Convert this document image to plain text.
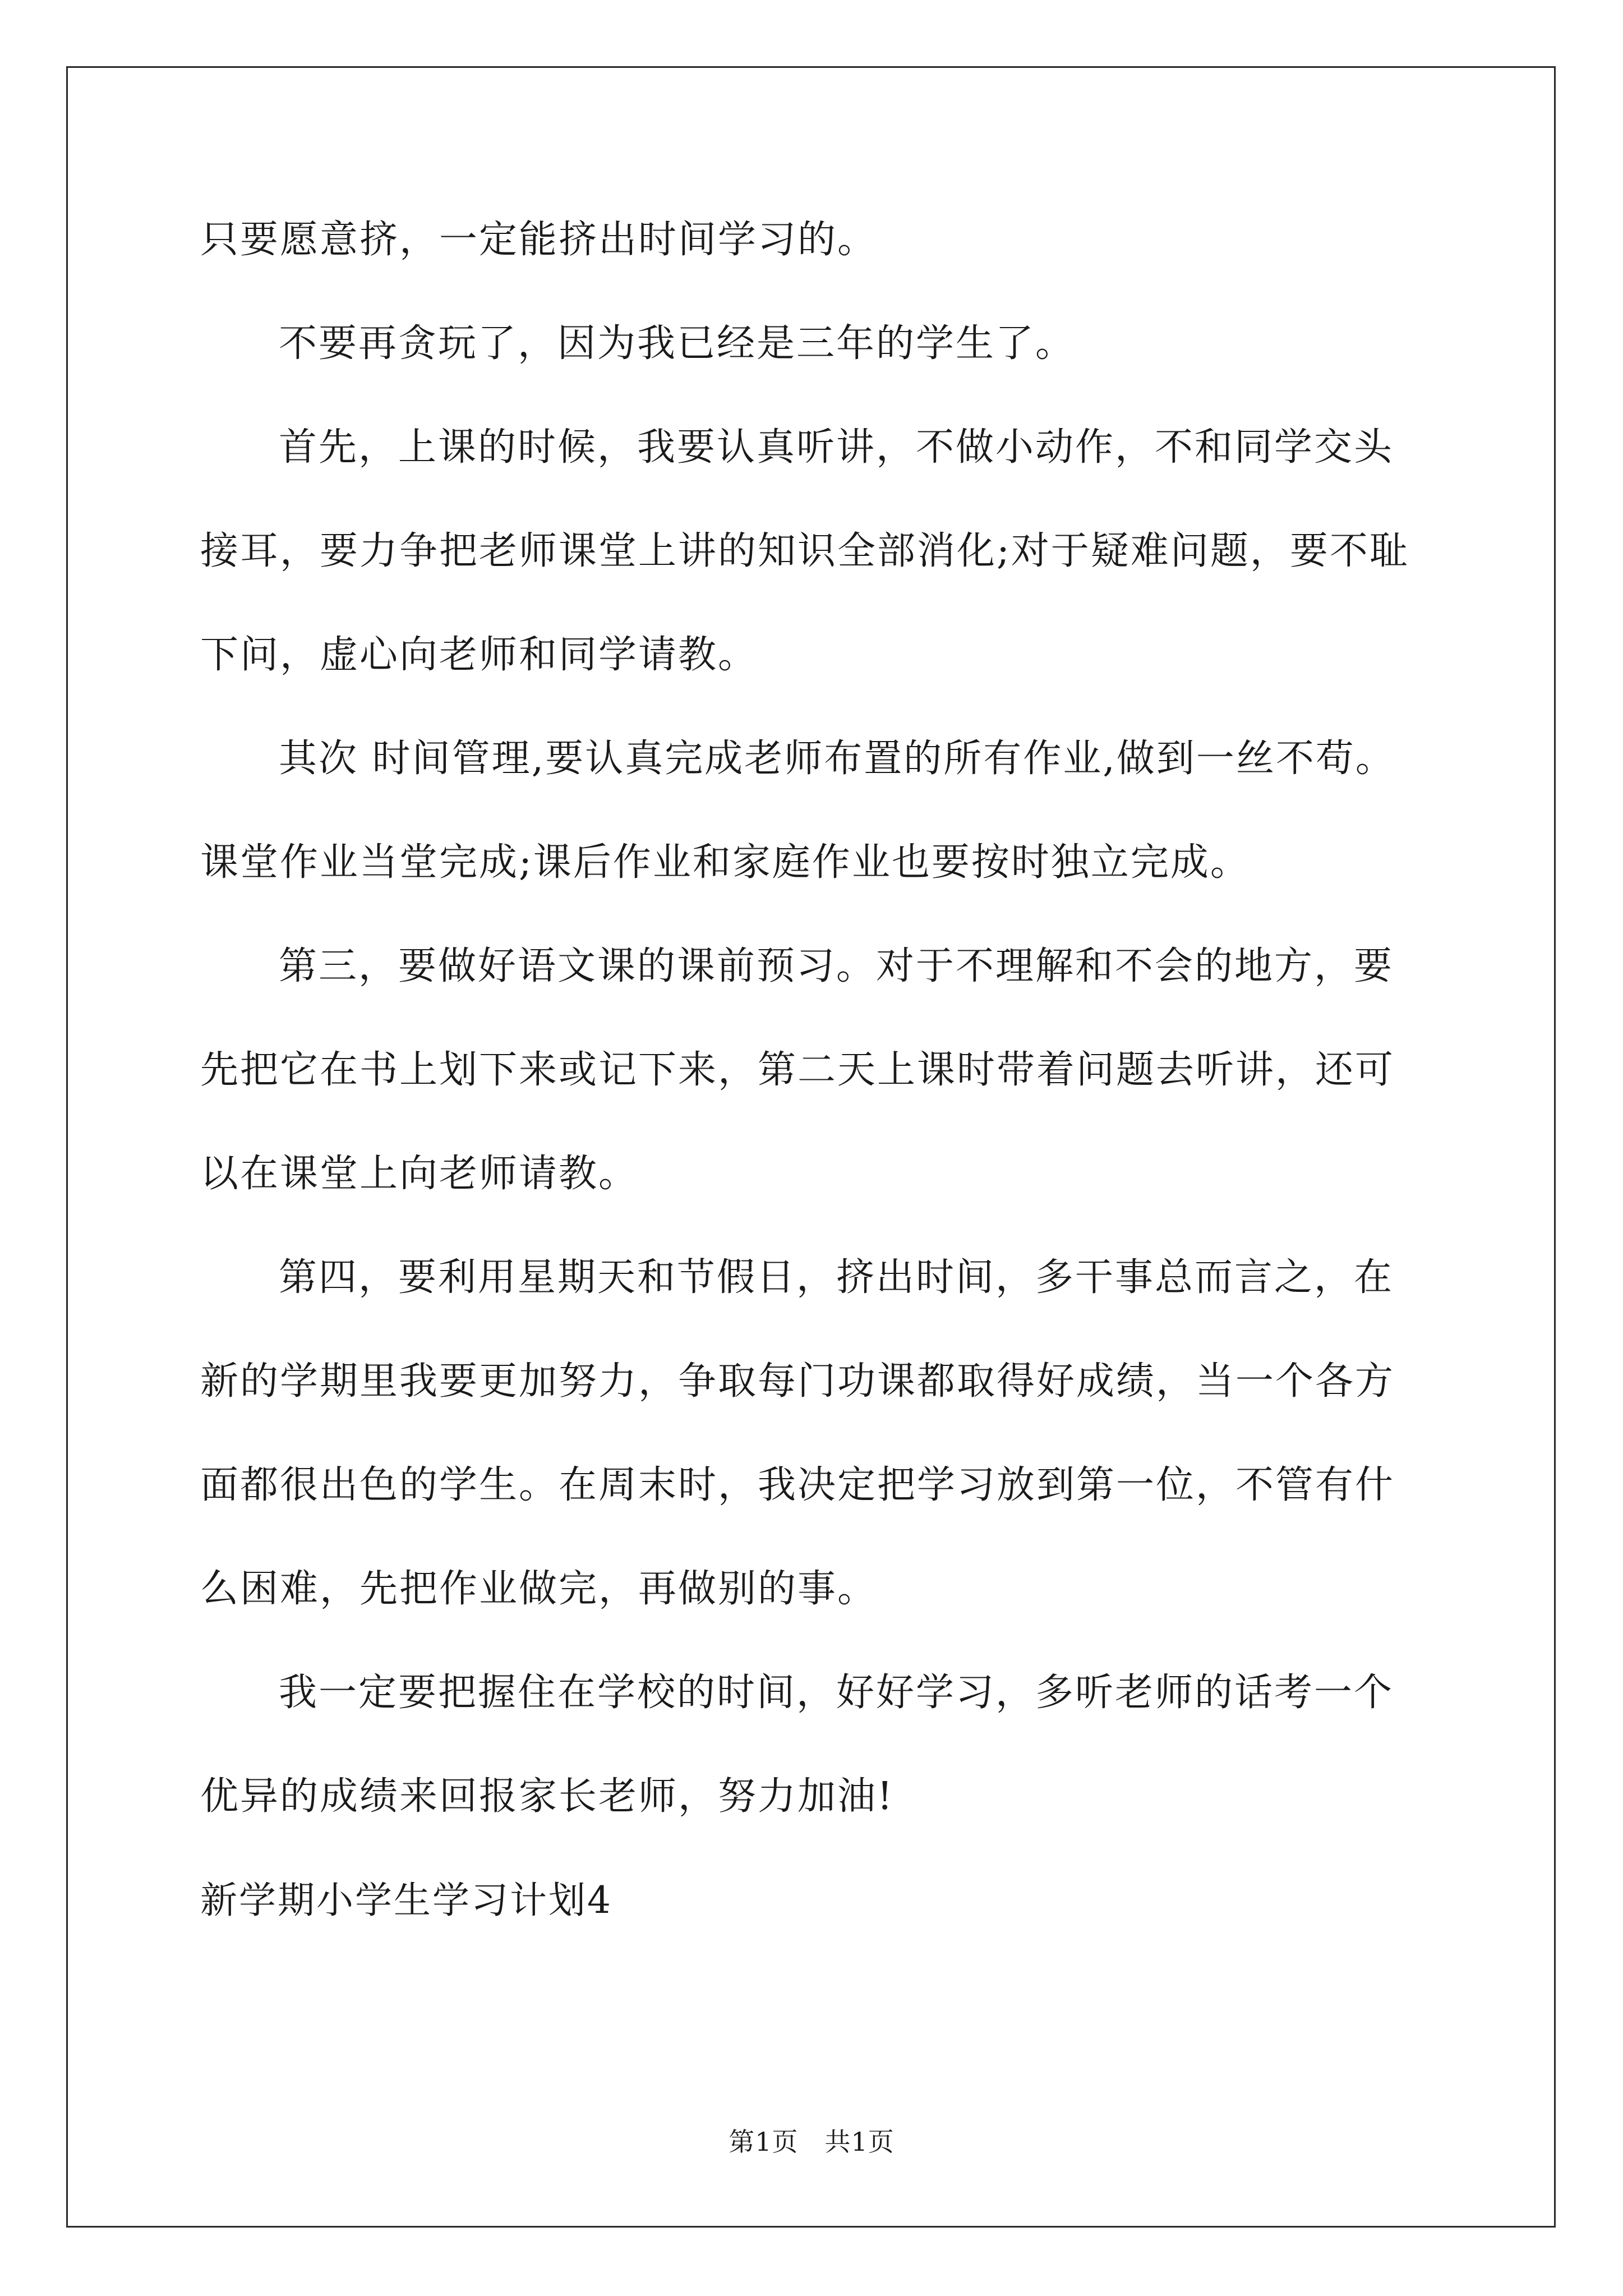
只要愿意挤，一定能挤出时间学习的。
不要再贪玩了，因为我已经是三年的学生了。
首先，上课的时候，我要认真听讲，不做小动作，不和同学交头
接耳，要力争把老师课堂上讲的知识全部消化;对于疑难问题，要不耻
下问，虚心向老师和同学请教。
其次 时间管理,要认真完成老师布置的所有作业,做到一丝不苟。
课堂作业当堂完成;课后作业和家庭作业也要按时独立完成。
第三，要做好语文课的课前预习。对于不理解和不会的地方，要
先把它在书上划下来或记下来，第二天上课时带着问题去听讲，还可
以在课堂上向老师请教。
第四，要利用星期天和节假日，挤出时间，多干事总而言之，在
新的学期里我要更加努力，争取每门功课都取得好成绩，当一个各方
面都很出色的学生。在周末时，我决定把学习放到第一位，不管有什
么困难，先把作业做完，再做别的事。
我一定要把握住在学校的时间，好好学习，多听老师的话考一个
优异的成绩来回报家长老师，努力加油!
新学期小学生学习计划4
第1页　共1页
